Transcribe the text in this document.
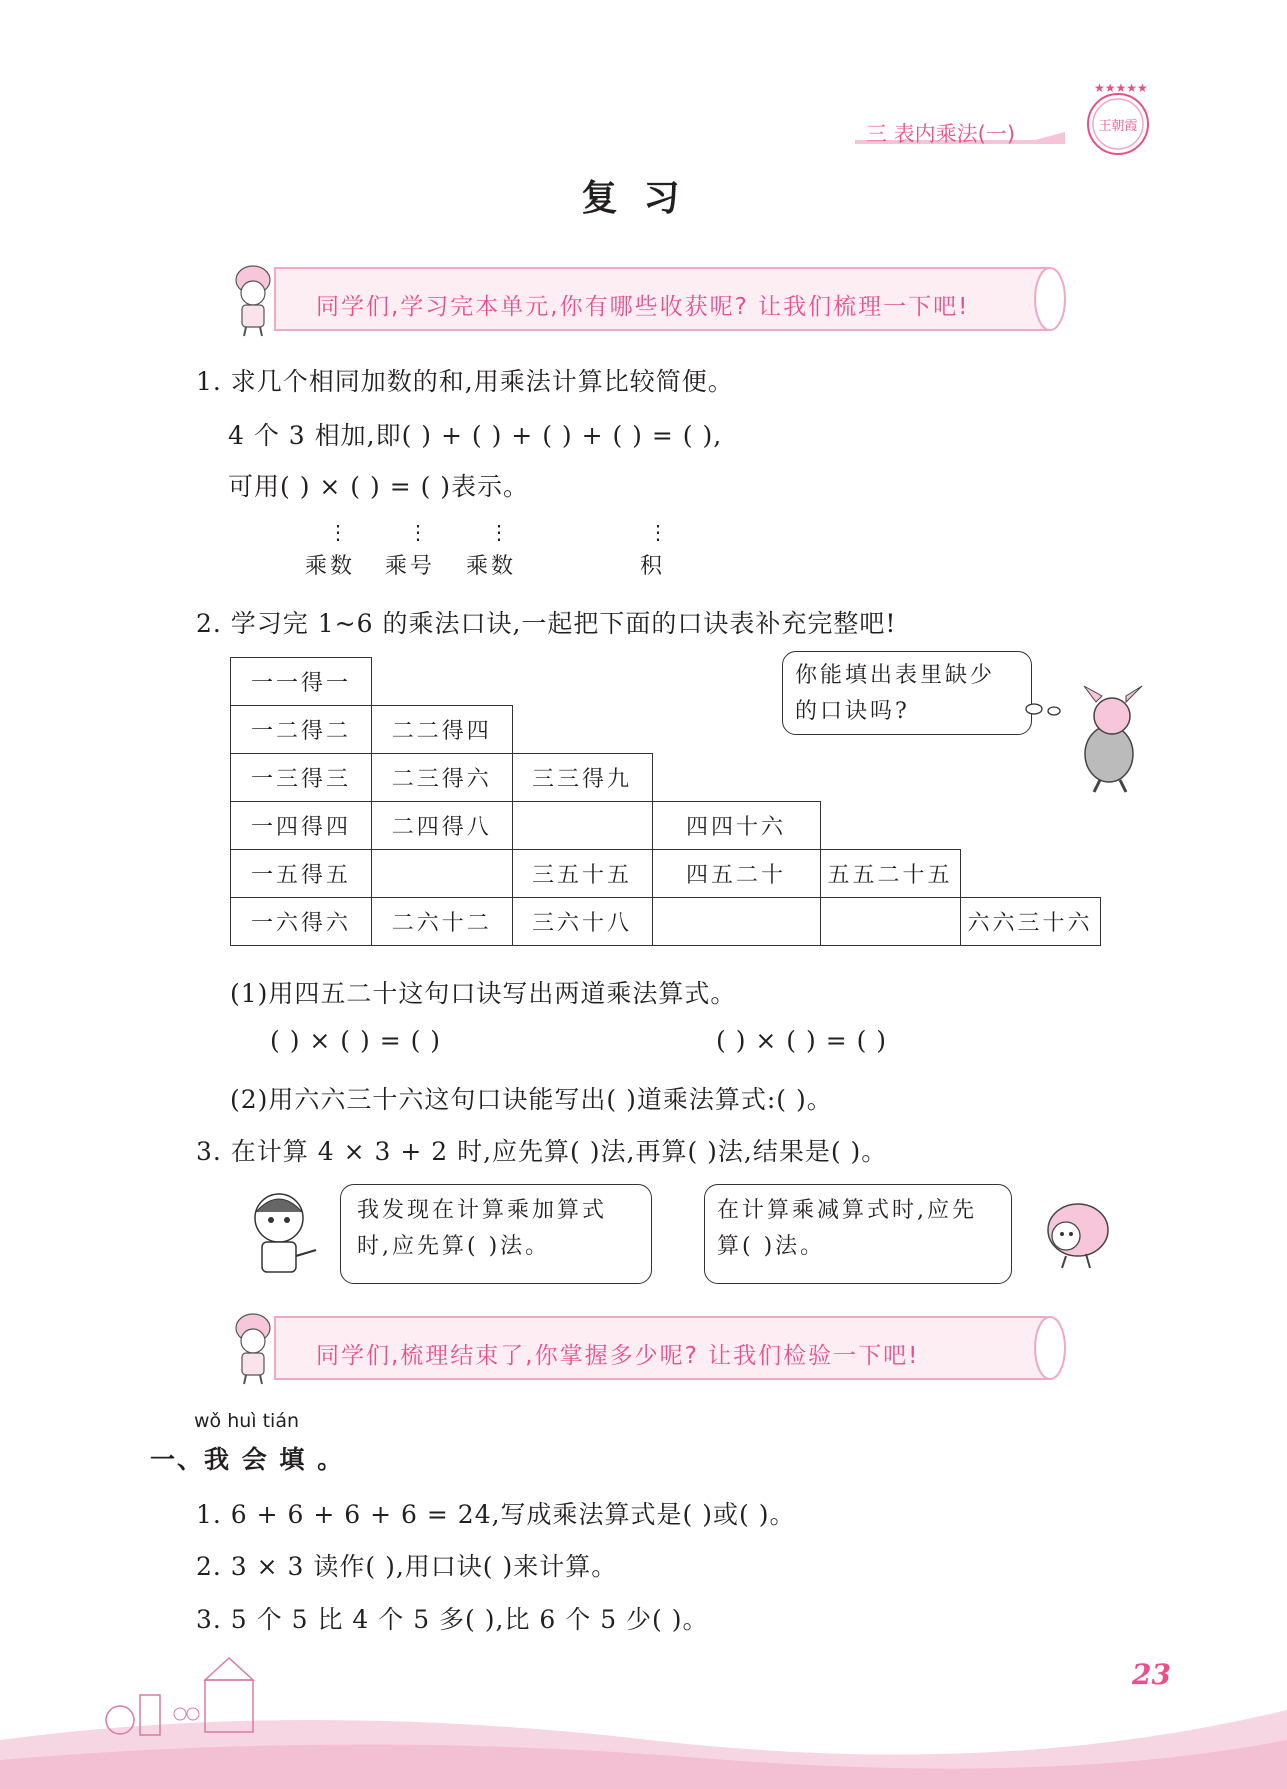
三 表内乘法(一)
★★★★★
王朝霞
复习
同学们,学习完本单元,你有哪些收获呢? 让我们梳理一下吧!
1. 求几个相同加数的和,用乘法计算比较简便。
4 个 3 相加,即( ) + ( ) + ( ) + ( ) = ( ),
可用( ) × ( ) = ( )表示。
⋮	⋮	⋮	⋮
乘数 乘号 乘数	积
2. 学习完 1~6 的乘法口诀,一起把下面的口诀表补充完整吧!
一一得一					
一二得二	二二得四				
一三得三	二三得六	三三得九			
一四得四	二四得八		四四十六		
一五得五		三五十五	四五二十	五五二十五	
一六得六	二六十二	三六十八			六六三十六
你能填出表里缺少
的口诀吗?
(1)用四五二十这句口诀写出两道乘法算式。
( ) × ( ) = ( )	( ) × ( ) = ( )
(2)用六六三十六这句口诀能写出( )道乘法算式:( )。
3. 在计算 4 × 3 + 2 时,应先算( )法,再算( )法,结果是( )。
我发现在计算乘加算式
时,应先算( )法。
在计算乘减算式时,应先
算( )法。
同学们,梳理结束了,你掌握多少呢? 让我们检验一下吧!
wǒ huì tián
一、我 会 填 。
1. 6 + 6 + 6 + 6 = 24,写成乘法算式是( )或( )。
2. 3 × 3 读作( ),用口诀( )来计算。
3. 5 个 5 比 4 个 5 多( ),比 6 个 5 少( )。
23
